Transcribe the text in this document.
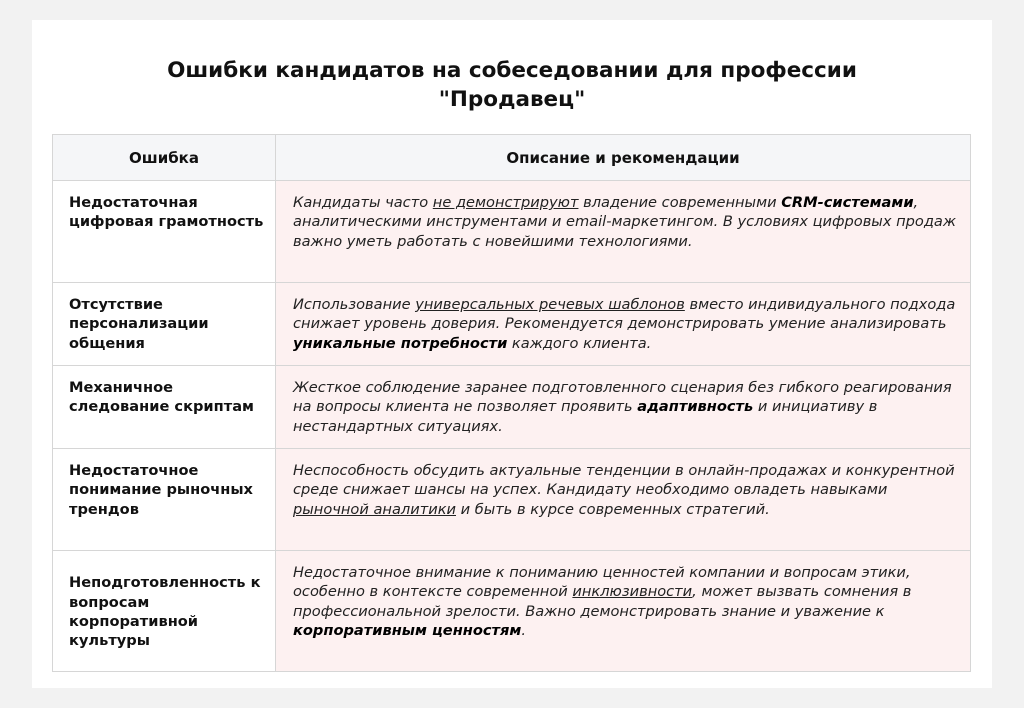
Ошибки кандидатов на собеседовании для профессии
"Продавец"
Ошибка	Описание и рекомендации
Недостаточная цифровая грамотность	Кандидаты часто не демонстрируют владение современными CRM-системами, аналитическими инструментами и email-маркетингом. В условиях цифровых продаж важно уметь работать с новейшими технологиями.
Отсутствие персонализации общения	Использование универсальных речевых шаблонов вместо индивидуального подхода снижает уровень доверия. Рекомендуется демонстрировать умение анализировать уникальные потребности каждого клиента.
Механичное следование скриптам	Жесткое соблюдение заранее подготовленного сценария без гибкого реагирования на вопросы клиента не позволяет проявить адаптивность и инициативу в нестандартных ситуациях.
Недостаточное понимание рыночных трендов	Неспособность обсудить актуальные тенденции в онлайн-продажах и конкурентной среде снижает шансы на успех. Кандидату необходимо овладеть навыками рыночной аналитики и быть в курсе современных стратегий.
Неподготовленность к вопросам корпоративной культуры	Недостаточное внимание к пониманию ценностей компании и вопросам этики, особенно в контексте современной инклюзивности, может вызвать сомнения в профессиональной зрелости. Важно демонстрировать знание и уважение к корпоративным ценностям.
